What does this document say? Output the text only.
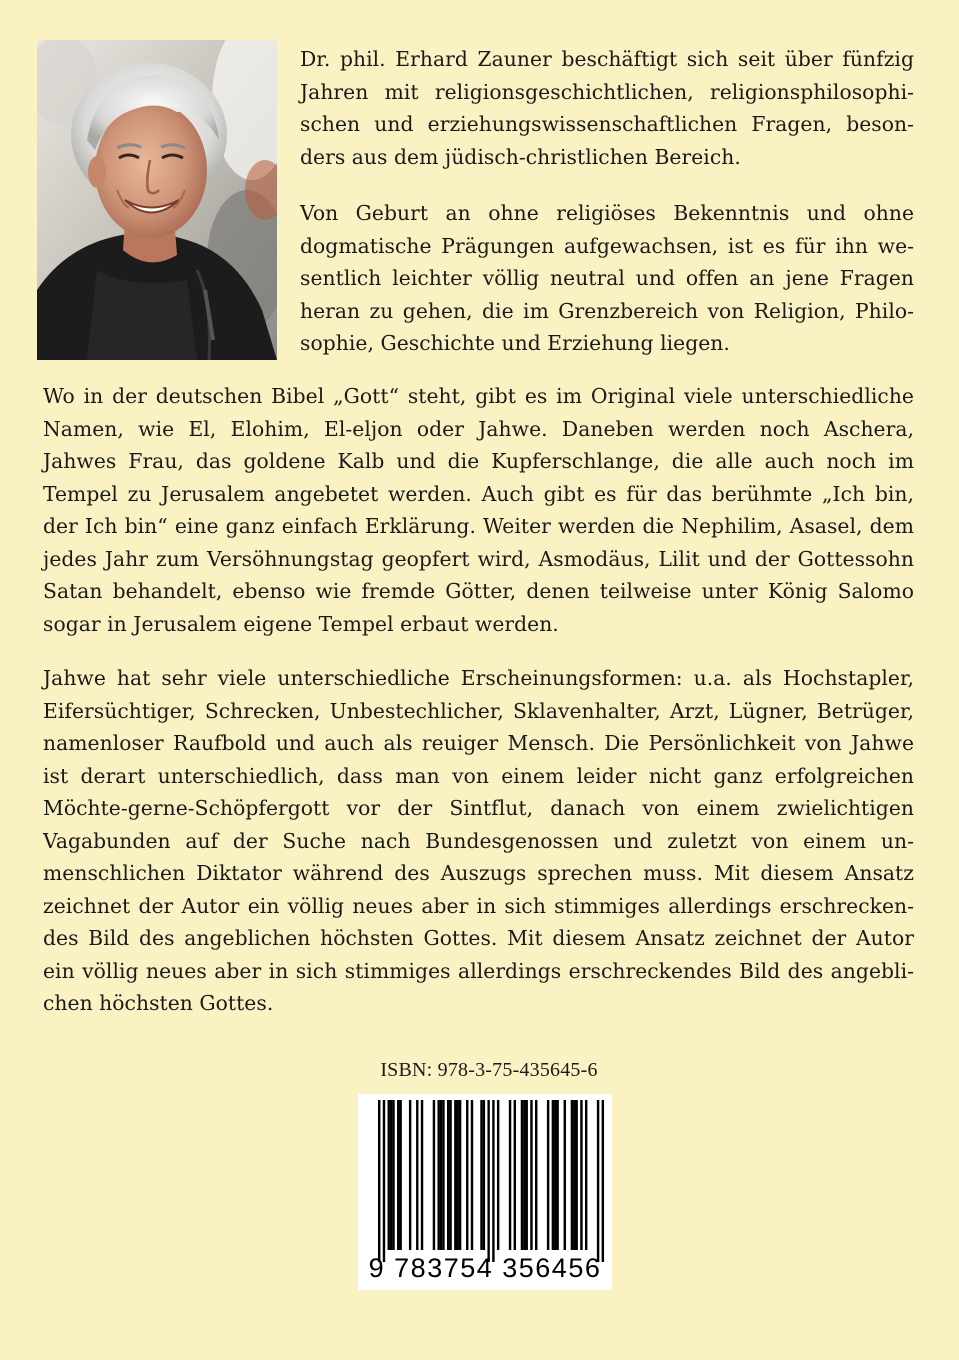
Dr. phil. Erhard Zauner beschäftigt sich seit über fünfzig Jahren mit religionsgeschichtlichen, religionsphilosophischen und erziehungswissenschaftlichen Fragen, besonders aus dem jüdisch-christlichen Bereich.
Von Geburt an ohne religiöses Bekenntnis und ohne dogmatische Prägungen aufgewachsen, ist es für ihn wesentlich leichter völlig neutral und offen an jene Fragen heran zu gehen, die im Grenzbereich von Religion, Philosophie, Geschichte und Erziehung liegen.
Wo in der deutschen Bibel „Gott“ steht, gibt es im Original viele unterschiedliche Namen, wie El, Elohim, El-eljon oder Jahwe. Daneben werden noch Aschera, Jahwes Frau, das goldene Kalb und die Kupferschlange, die alle auch noch im Tempel zu Jerusalem angebetet werden. Auch gibt es für das berühmte „Ich bin, der Ich bin“ eine ganz einfach Erklärung. Weiter werden die Nephilim, Asasel, dem jedes Jahr zum Versöhnungstag geopfert wird, Asmodäus, Lilit und der Gottessohn Satan behandelt, ebenso wie fremde Götter, denen teilweise unter König Salomo sogar in Jerusalem eigene Tempel erbaut werden.
Jahwe hat sehr viele unterschiedliche Erscheinungsformen: u.a. als Hochstapler, Eifersüchtiger, Schrecken, Unbestechlicher, Sklavenhalter, Arzt, Lügner, Betrüger, namenloser Raufbold und auch als reuiger Mensch. Die Persönlichkeit von Jahwe ist derart unterschiedlich, dass man von einem leider nicht ganz erfolgreichen Möchte-gerne-Schöpfergott vor der Sintflut, danach von einem zwielichtigen Vagabunden auf der Suche nach Bundesgenossen und zuletzt von einem unmenschlichen Diktator während des Auszugs sprechen muss. Mit diesem Ansatz zeichnet der Autor ein völlig neues aber in sich stimmiges allerdings erschreckendes Bild des angeblichen höchsten Gottes. Mit diesem Ansatz zeichnet der Autor ein völlig neues aber in sich stimmiges allerdings erschreckendes Bild des angeblichen höchsten Gottes.
ISBN: 978-3-75-435645-6
9 783754 356456
